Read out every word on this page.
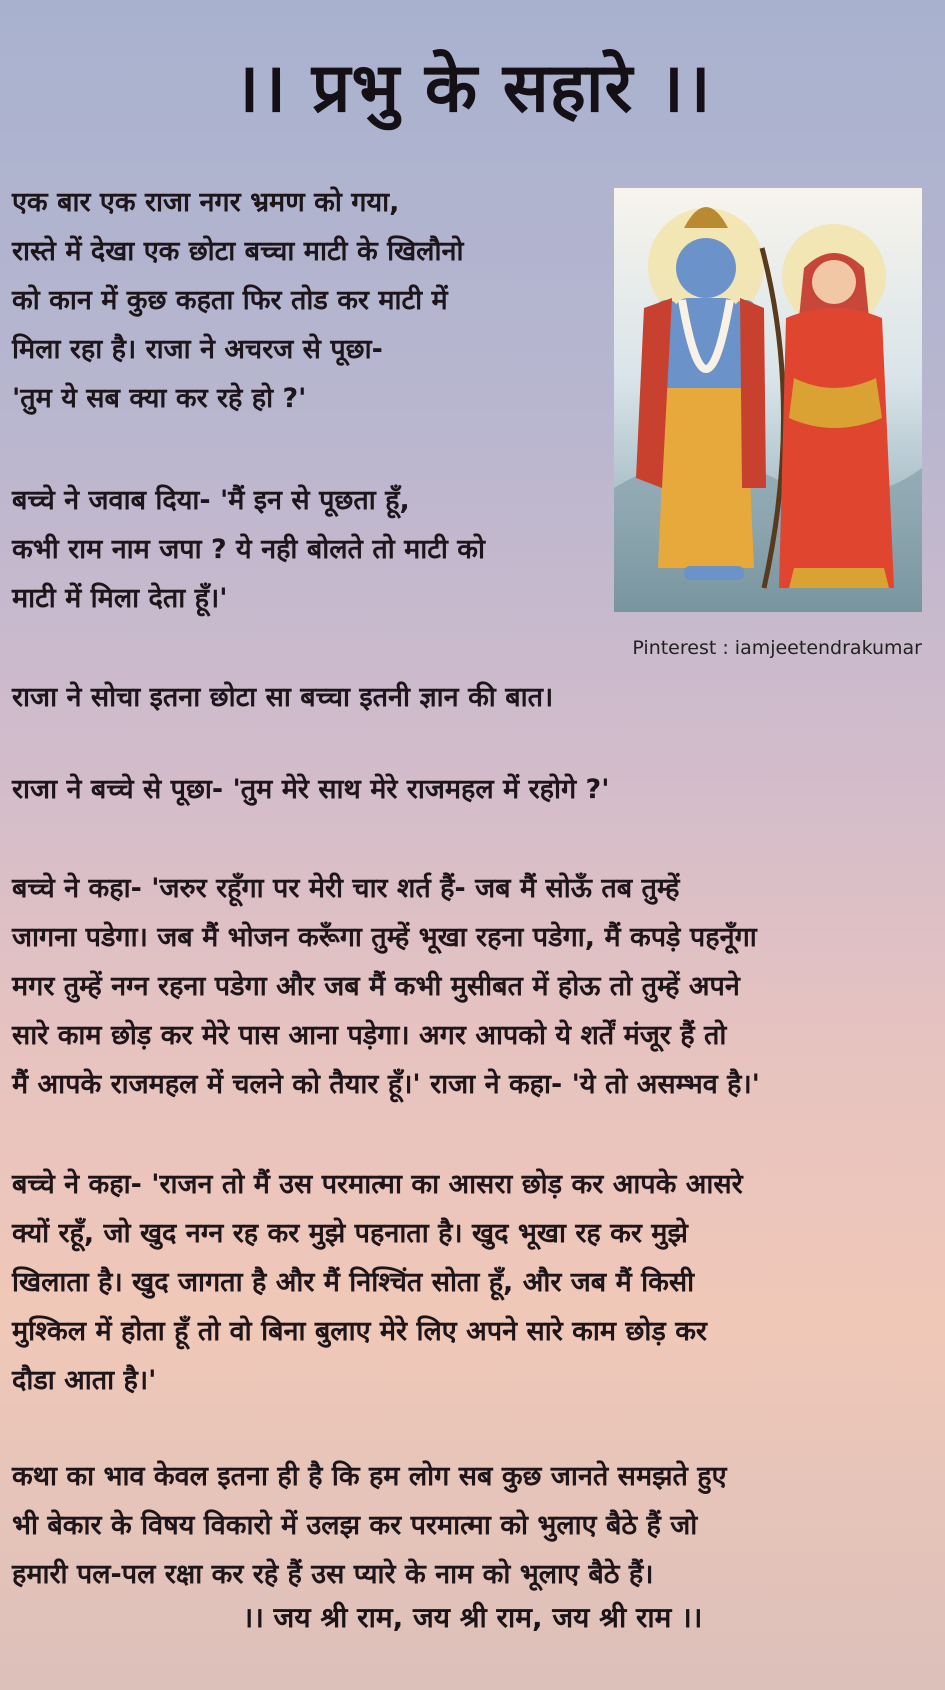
।। प्रभु के सहारे ।।
Pinterest : iamjeetendrakumar
एक बार एक राजा नगर भ्रमण को गया,
रास्ते में देखा एक छोटा बच्चा माटी के खिलौनो
को कान में कुछ कहता फिर तोड कर माटी में
मिला रहा है। राजा ने अचरज से पूछा-
'तुम ये सब क्या कर रहे हो ?'
बच्चे ने जवाब दिया- 'मैं इन से पूछता हूँ,
कभी राम नाम जपा ? ये नही बोलते तो माटी को
माटी में मिला देता हूँ।'
राजा ने सोचा इतना छोटा सा बच्चा इतनी ज्ञान की बात।
राजा ने बच्चे से पूछा- 'तुम मेरे साथ मेरे राजमहल में रहोगे ?'
बच्चे ने कहा- 'जरुर रहूँगा पर मेरी चार शर्त हैं- जब मैं सोऊँ तब तुम्हें
जागना पडेगा। जब मैं भोजन करूँगा तुम्हें भूखा रहना पडेगा, मैं कपड़े पहनूँगा
मगर तुम्हें नग्न रहना पडेगा और जब मैं कभी मुसीबत में होऊ तो तुम्हें अपने
सारे काम छोड़ कर मेरे पास आना पड़ेगा। अगर आपको ये शर्तें मंजूर हैं तो
मैं आपके राजमहल में चलने को तैयार हूँ।' राजा ने कहा- 'ये तो असम्भव है।'
बच्चे ने कहा- 'राजन तो मैं उस परमात्मा का आसरा छोड़ कर आपके आसरे
क्यों रहूँ, जो खुद नग्न रह कर मुझे पहनाता है। खुद भूखा रह कर मुझे
खिलाता है। खुद जागता है और मैं निश्चिंत सोता हूँ, और जब मैं किसी
मुश्किल में होता हूँ तो वो बिना बुलाए मेरे लिए अपने सारे काम छोड़ कर
दौडा आता है।'
कथा का भाव केवल इतना ही है कि हम लोग सब कुछ जानते समझते हुए
भी बेकार के विषय विकारो में उलझ कर परमात्मा को भुलाए बैठे हैं जो
हमारी पल-पल रक्षा कर रहे हैं उस प्यारे के नाम को भूलाए बैठे हैं।
।। जय श्री राम, जय श्री राम, जय श्री राम ।।
